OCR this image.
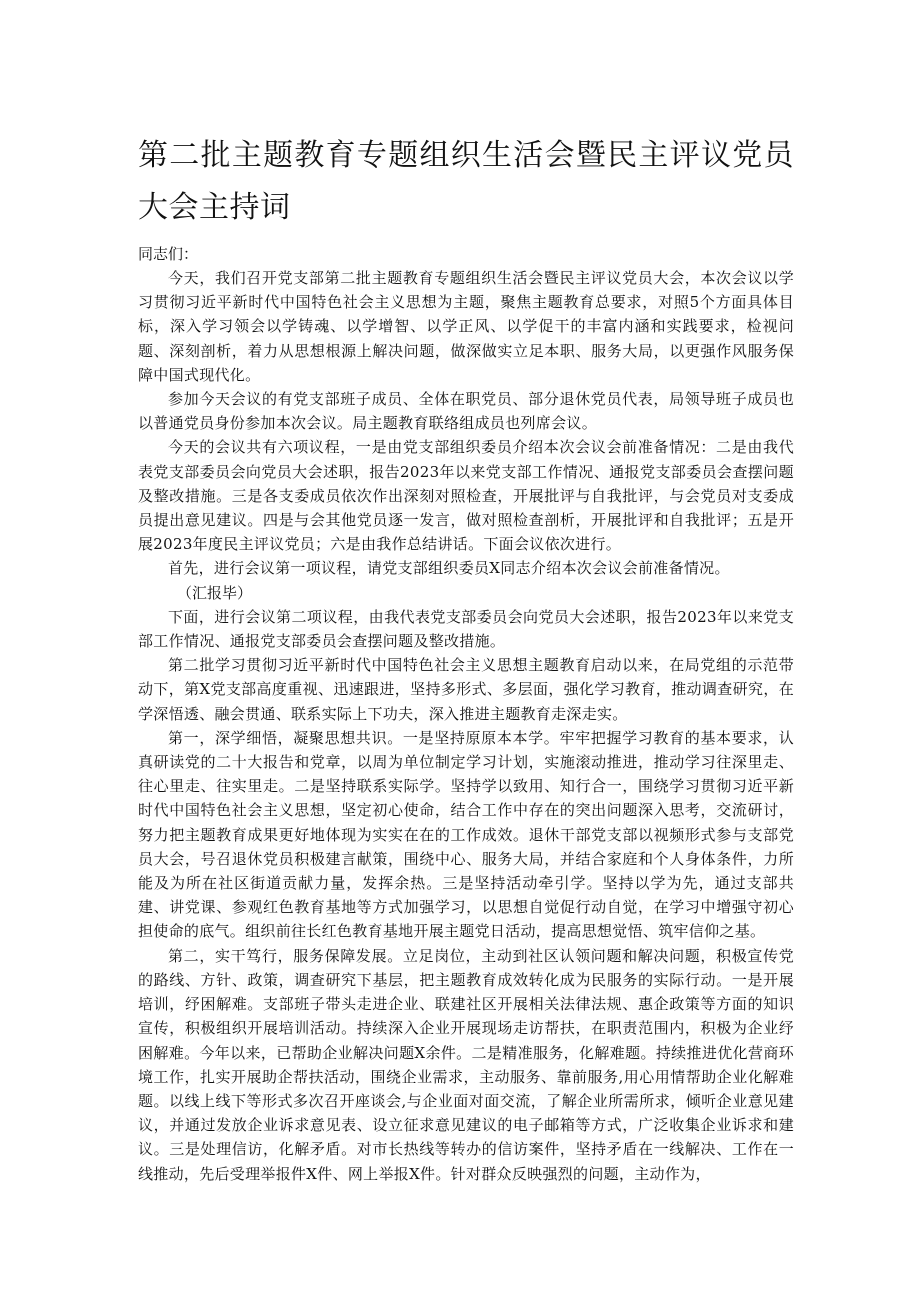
第二批主题教育专题组织生活会暨民主评议党员大会主持词

同志们：

今天，我们召开党支部第二批主题教育专题组织生活会暨民主评议党员大会，本次会议以学习贯彻习近平新时代中国特色社会主义思想为主题，聚焦主题教育总要求，对照5个方面具体目标，深入学习领会以学铸魂、以学增智、以学正风、以学促干的丰富内涵和实践要求，检视问题、深刻剖析，着力从思想根源上解决问题，做深做实立足本职、服务大局，以更强作风服务保障中国式现代化。

参加今天会议的有党支部班子成员、全体在职党员、部分退休党员代表，局领导班子成员也以普通党员身份参加本次会议。局主题教育联络组成员也列席会议。

今天的会议共有六项议程，一是由党支部组织委员介绍本次会议会前准备情况：二是由我代表党支部委员会向党员大会述职，报告2023年以来党支部工作情况、通报党支部委员会查摆问题及整改措施。三是各支委成员依次作出深刻对照检查，开展批评与自我批评，与会党员对支委成员提出意见建议。四是与会其他党员逐一发言，做对照检查剖析，开展批评和自我批评；五是开展2023年度民主评议党员；六是由我作总结讲话。下面会议依次进行。

首先，进行会议第一项议程，请党支部组织委员X同志介绍本次会议会前准备情况。

（汇报毕）

下面，进行会议第二项议程，由我代表党支部委员会向党员大会述职，报告2023年以来党支部工作情况、通报党支部委员会查摆问题及整改措施。

第二批学习贯彻习近平新时代中国特色社会主义思想主题教育启动以来，在局党组的示范带动下，第X党支部高度重视、迅速跟进，坚持多形式、多层面，强化学习教育，推动调查研究，在学深悟透、融会贯通、联系实际上下功夫，深入推进主题教育走深走实。

第一，深学细悟，凝聚思想共识。一是坚持原原本本学。牢牢把握学习教育的基本要求，认真研读党的二十大报告和党章，以周为单位制定学习计划，实施滚动推进，推动学习往深里走、往心里走、往实里走。二是坚持联系实际学。坚持学以致用、知行合一，围绕学习贯彻习近平新时代中国特色社会主义思想，坚定初心使命，结合工作中存在的突出问题深入思考，交流研讨，努力把主题教育成果更好地体现为实实在在的工作成效。退休干部党支部以视频形式参与支部党员大会，号召退休党员积极建言献策，围绕中心、服务大局，并结合家庭和个人身体条件，力所能及为所在社区街道贡献力量，发挥余热。三是坚持活动牵引学。坚持以学为先，通过支部共建、讲党课、参观红色教育基地等方式加强学习，以思想自觉促行动自觉，在学习中增强守初心担使命的底气。组织前往长红色教育基地开展主题党日活动，提高思想觉悟、筑牢信仰之基。

第二，实干笃行，服务保障发展。立足岗位，主动到社区认领问题和解决问题，积极宣传党的路线、方针、政策，调查研究下基层，把主题教育成效转化成为民服务的实际行动。一是开展培训，纾困解难。支部班子带头走进企业、联建社区开展相关法律法规、惠企政策等方面的知识宣传，积极组织开展培训活动。持续深入企业开展现场走访帮扶，在职责范围内，积极为企业纾困解难。今年以来，已帮助企业解决问题X余件。二是精准服务，化解难题。持续推进优化营商环境工作，扎实开展助企帮扶活动，围绕企业需求，主动服务、靠前服务,用心用情帮助企业化解难题。以线上线下等形式多次召开座谈会,与企业面对面交流，了解企业所需所求，倾听企业意见建议，并通过发放企业诉求意见表、设立征求意见建议的电子邮箱等方式，广泛收集企业诉求和建议。三是处理信访，化解矛盾。对市长热线等转办的信访案件，坚持矛盾在一线解决、工作在一线推动，先后受理举报件X件、网上举报X件。针对群众反映强烈的问题，主动作为，
